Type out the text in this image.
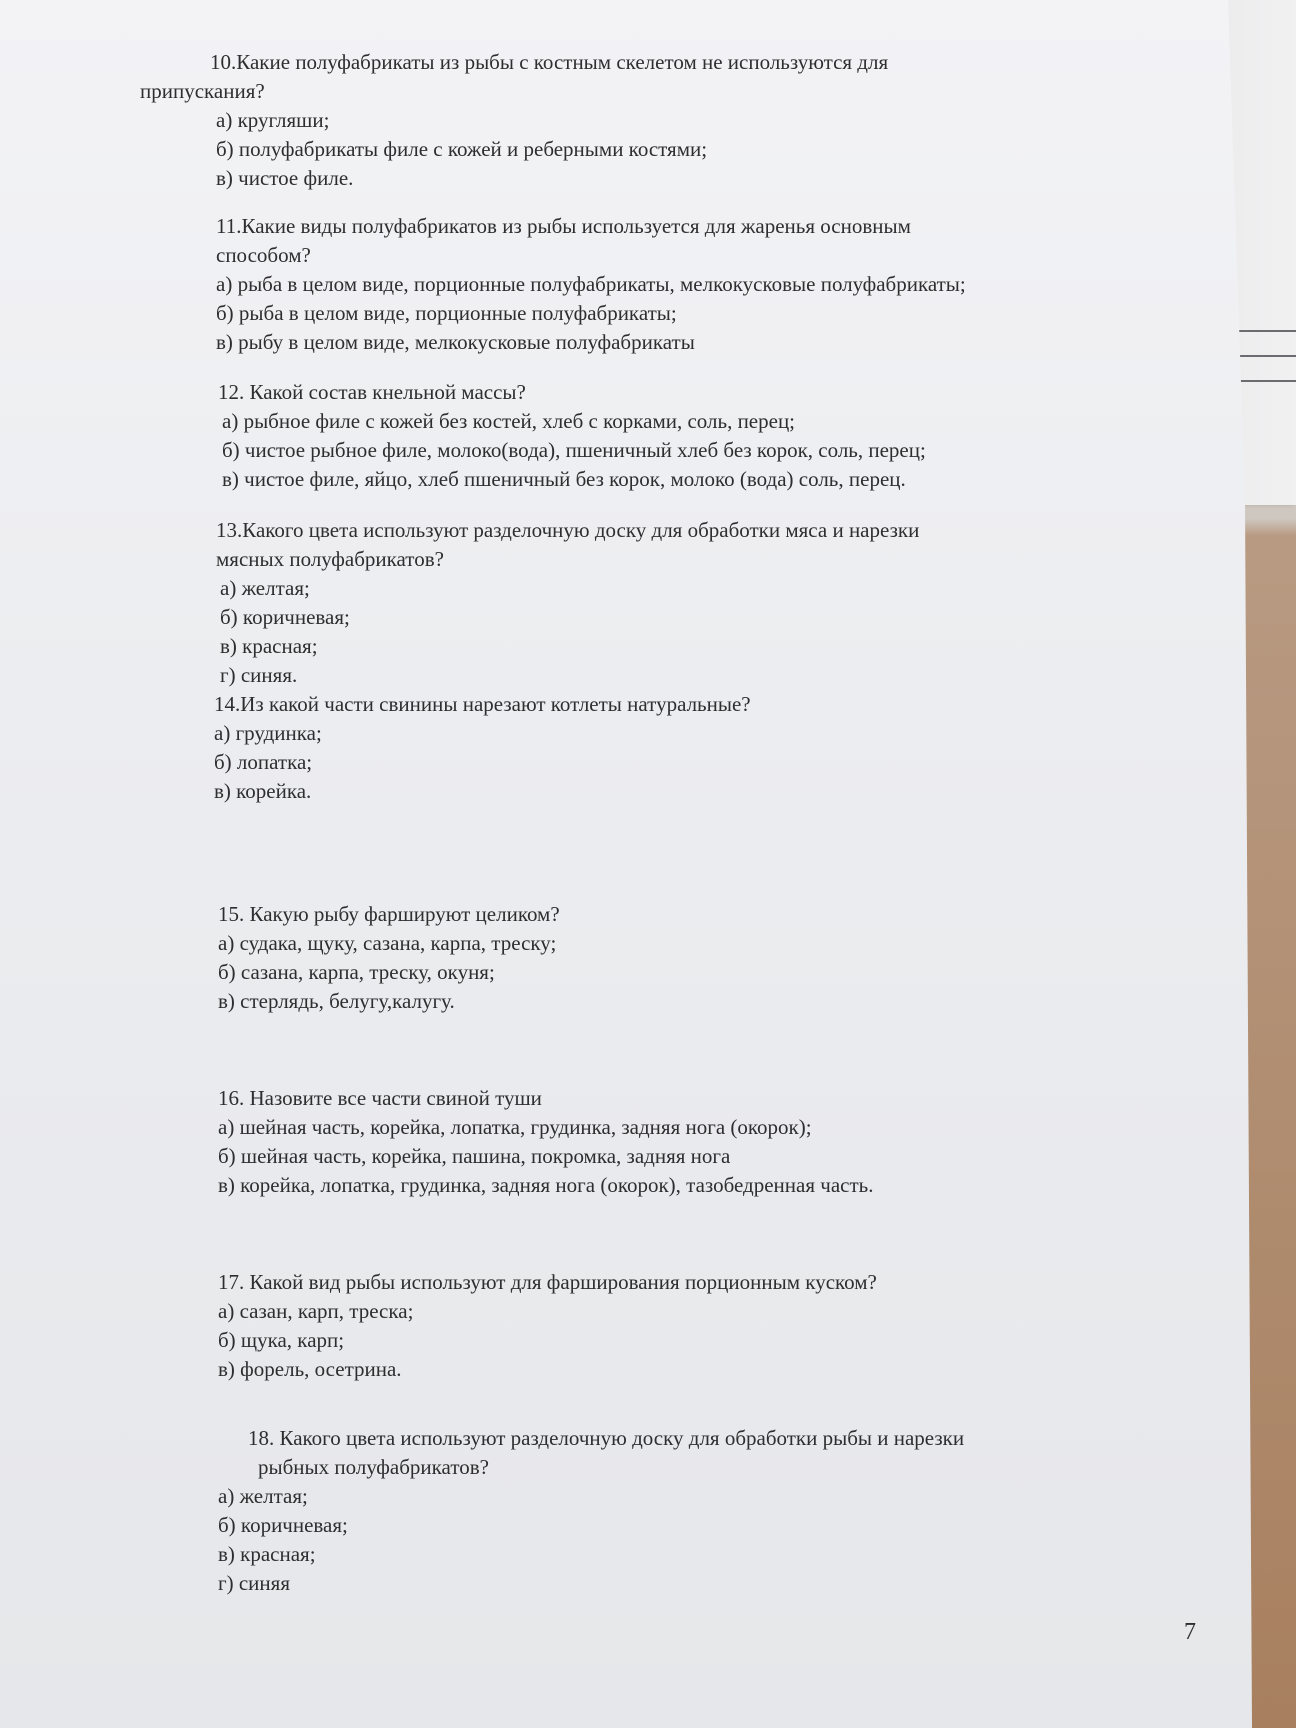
10.Какие полуфабрикаты из рыбы с костным скелетом не используются для
припускания?
а) кругляши;
б) полуфабрикаты филе с кожей и реберными костями;
в) чистое филе.
11.Какие виды полуфабрикатов из рыбы используется для жаренья основным
способом?
а) рыба в целом виде, порционные полуфабрикаты, мелкокусковые полуфабрикаты;
б) рыба в целом виде, порционные полуфабрикаты;
в) рыбу в целом виде, мелкокусковые полуфабрикаты
12. Какой состав кнельной массы?
а) рыбное филе с кожей без костей, хлеб с корками, соль, перец;
б) чистое рыбное филе, молоко(вода), пшеничный хлеб без корок, соль, перец;
в) чистое филе, яйцо, хлеб пшеничный без корок, молоко (вода) соль, перец.
13.Какого цвета используют разделочную доску для обработки мяса и нарезки
мясных полуфабрикатов?
а) желтая;
б) коричневая;
в) красная;
г) синяя.
14.Из какой части свинины нарезают котлеты натуральные?
а) грудинка;
б) лопатка;
в) корейка.
15. Какую рыбу фаршируют целиком?
а) судака, щуку, сазана, карпа, треску;
б) сазана, карпа, треску, окуня;
в) стерлядь, белугу,калугу.
16. Назовите все части свиной туши
а) шейная часть, корейка, лопатка, грудинка, задняя нога (окорок);
б) шейная часть, корейка, пашина, покромка, задняя нога
в) корейка, лопатка, грудинка, задняя нога (окорок), тазобедренная часть.
17. Какой вид рыбы используют для фарширования порционным куском?
а) сазан, карп, треска;
б) щука, карп;
в) форель, осетрина.
18. Какого цвета используют разделочную доску для обработки рыбы и нарезки
рыбных полуфабрикатов?
а) желтая;
б) коричневая;
в) красная;
г) синяя
7
